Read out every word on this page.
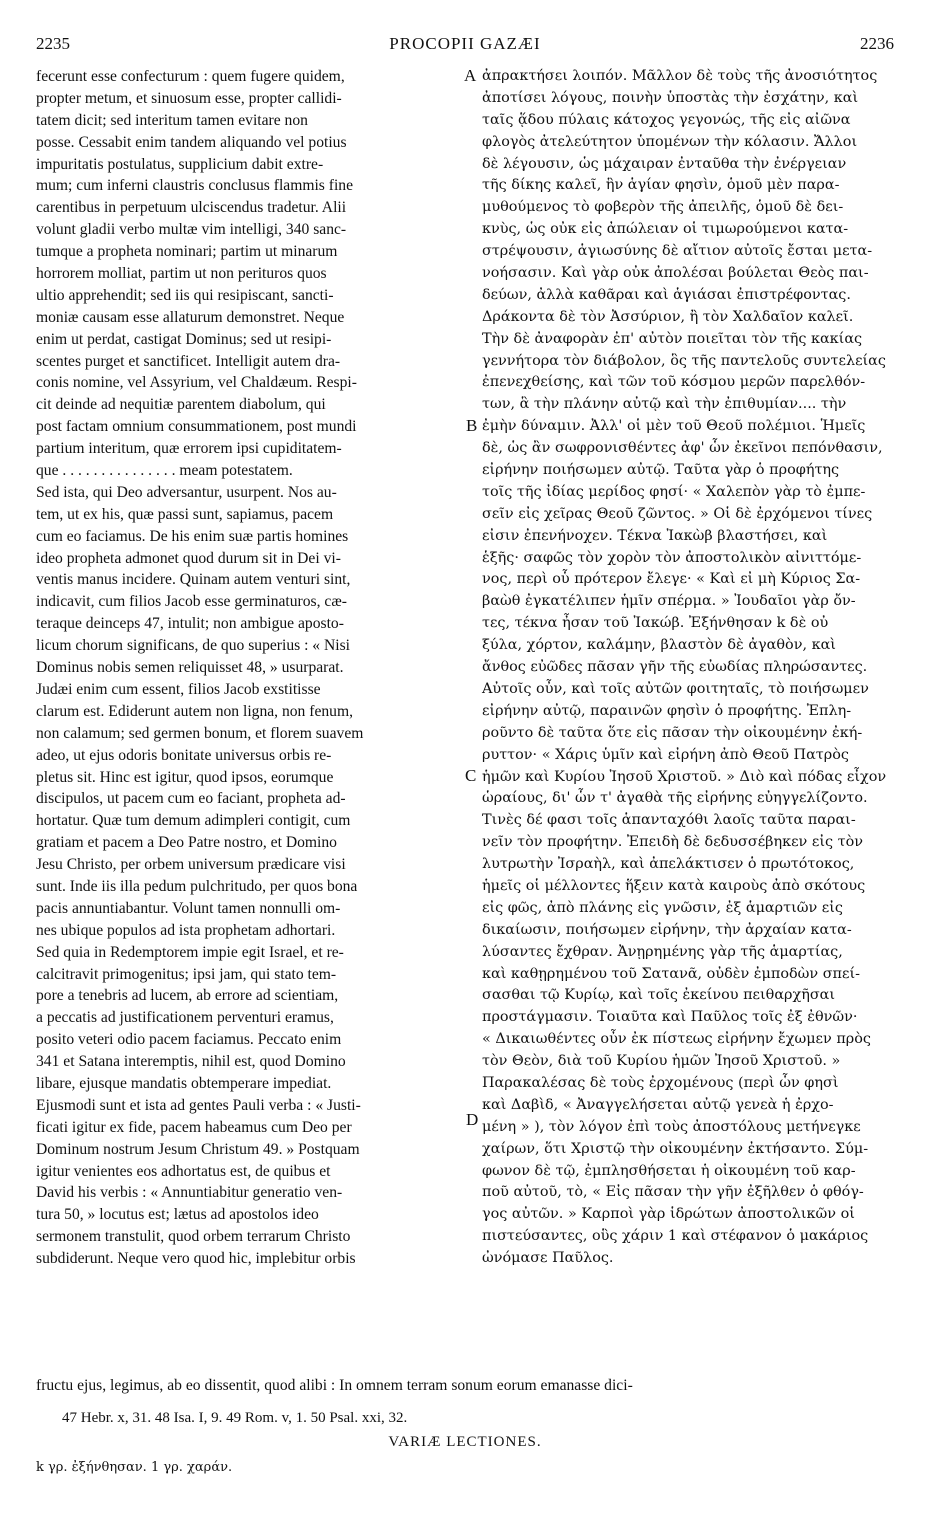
2235	PROCOPII GAZÆI	2236
fecerunt esse confecturum : quem fugere quidem,
propter metum, et sinuosum esse, propter callidi-
tatem dicit; sed interitum tamen evitare non
posse. Cessabit enim tandem aliquando vel potius
impuritatis postulatus, supplicium dabit extre-
mum; cum inferni claustris conclusus flammis fine
carentibus in perpetuum ulciscendus tradetur. Alii
volunt gladii verbo multæ vim intelligi, 340 sanc-
tumque a propheta nominari; partim ut minarum
horrorem molliat, partim ut non perituros quos
ultio apprehendit; sed iis qui resipiscant, sancti-
moniæ causam esse allaturum demonstret. Neque
enim ut perdat, castigat Dominus; sed ut resipi-
scentes purget et sanctificet. Intelligit autem dra-
conis nomine, vel Assyrium, vel Chaldæum. Respi-
cit deinde ad nequitiæ parentem diabolum, qui
post factam omnium consummationem, post mundi
partium interitum, quæ errorem ipsi cupiditatem-
que . . . . . . . . . . . . . . . meam potestatem.
Sed ista, qui Deo adversantur, usurpent. Nos au-
tem, ut ex his, quæ passi sunt, sapiamus, pacem
cum eo faciamus. De his enim suæ partis homines
ideo propheta admonet quod durum sit in Dei vi-
ventis manus incidere. Quinam autem venturi sint,
indicavit, cum filios Jacob esse germinaturos, cæ-
teraque deinceps 47, intulit; non ambigue aposto-
licum chorum significans, de quo superius : « Nisi
Dominus nobis semen reliquisset 48, » usurparat.
Judæi enim cum essent, filios Jacob exstitisse
clarum est. Ediderunt autem non ligna, non fenum,
non calamum; sed germen bonum, et florem suavem
adeo, ut ejus odoris bonitate universus orbis re-
pletus sit. Hinc est igitur, quod ipsos, eorumque
discipulos, ut pacem cum eo faciant, propheta ad-
hortatur. Quæ tum demum adimpleri contigit, cum
gratiam et pacem a Deo Patre nostro, et Domino
Jesu Christo, per orbem universum prædicare visi
sunt. Inde iis illa pedum pulchritudo, per quos bona
pacis annuntiabantur. Volunt tamen nonnulli om-
nes ubique populos ad ista prophetam adhortari.
Sed quia in Redemptorem impie egit Israel, et re-
calcitravit primogenitus; ipsi jam, qui stato tem-
pore a tenebris ad lucem, ab errore ad scientiam,
a peccatis ad justificationem perventuri eramus,
posito veteri odio pacem faciamus. Peccato enim
341 et Satana interemptis, nihil est, quod Domino
libare, ejusque mandatis obtemperare impediat.
Ejusmodi sunt et ista ad gentes Pauli verba : « Justi-
ficati igitur ex fide, pacem habeamus cum Deo per
Dominum nostrum Jesum Christum 49. » Postquam
igitur venientes eos adhortatus est, de quibus et
David his verbis : « Annuntiabitur generatio ven-
tura 50, » locutus est; lætus ad apostolos ideo
sermonem transtulit, quod orbem terrarum Christo
subdiderunt. Neque vero quod hic, implebitur orbis
ἀπρακτήσει λοιπόν. Μᾶλλον δὲ τοὺς τῆς ἀνοσιότητος
ἀποτίσει λόγους, ποινὴν ὑποστὰς τὴν ἐσχάτην, καὶ
ταῖς ᾅδου πύλαις κάτοχος γεγονώς, τῆς εἰς αἰῶνα
φλογὸς ἀτελεύτητον ὑπομένων τὴν κόλασιν. Ἄλλοι
δὲ λέγουσιν, ὡς μάχαιραν ἐνταῦθα τὴν ἐνέργειαν
τῆς δίκης καλεῖ, ἣν ἁγίαν φησὶν, ὁμοῦ μὲν παρα-
μυθούμενος τὸ φοβερὸν τῆς ἀπειλῆς, ὁμοῦ δὲ δει-
κνὺς, ὡς οὐκ εἰς ἀπώλειαν οἱ τιμωρούμενοι κατα-
στρέψουσιν, ἁγιωσύνης δὲ αἴτιον αὐτοῖς ἔσται μετα-
νοήσασιν. Καὶ γὰρ οὐκ ἀπολέσαι βούλεται Θεὸς παι-
δεύων, ἀλλὰ καθᾶραι καὶ ἁγιάσαι ἐπιστρέφοντας.
Δράκοντα δὲ τὸν Ἀσσύριον, ἢ τὸν Χαλδαῖον καλεῖ.
Τὴν δὲ ἀναφορὰν ἐπ' αὐτὸν ποιεῖται τὸν τῆς κακίας
γεννήτορα τὸν διάβολον, ὃς τῆς παντελοῦς συντελείας
ἐπενεχθείσης, καὶ τῶν τοῦ κόσμου μερῶν παρελθόν-
των, ἃ τὴν πλάνην αὐτῷ καὶ τὴν ἐπιθυμίαν.... τὴν
ἐμὴν δύναμιν. Ἀλλ' οἱ μὲν τοῦ Θεοῦ πολέμιοι. Ἡμεῖς
δὲ, ὡς ἂν σωφρονισθέντες ἀφ' ὧν ἐκεῖνοι πεπόνθασιν,
εἰρήνην ποιήσωμεν αὐτῷ. Ταῦτα γὰρ ὁ προφήτης
τοῖς τῆς ἰδίας μερίδος φησί· « Χαλεπὸν γὰρ τὸ ἐμπε-
σεῖν εἰς χεῖρας Θεοῦ ζῶντος. » Οἱ δὲ ἐρχόμενοι τίνες
εἰσιν ἐπενήνοχεν. Τέκνα Ἰακὼβ βλαστήσει, καὶ
ἑξῆς· σαφῶς τὸν χορὸν τὸν ἀποστολικὸν αἰνιττόμε-
νος, περὶ οὗ πρότερον ἔλεγε· « Καὶ εἰ μὴ Κύριος Σα-
βαὼθ ἐγκατέλιπεν ἡμῖν σπέρμα. » Ἰουδαῖοι γὰρ ὄν-
τες, τέκνα ἦσαν τοῦ Ἰακώβ. Ἐξήνθησαν k δὲ οὐ
ξύλα, χόρτον, καλάμην, βλαστὸν δὲ ἀγαθὸν, καὶ
ἄνθος εὐῶδες πᾶσαν γῆν τῆς εὐωδίας πληρώσαντες.
Αὐτοῖς οὖν, καὶ τοῖς αὐτῶν φοιτηταῖς, τὸ ποιήσωμεν
εἰρήνην αὐτῷ, παραινῶν φησὶν ὁ προφήτης. Ἐπλη-
ροῦντο δὲ ταῦτα ὅτε εἰς πᾶσαν τὴν οἰκουμένην ἐκή-
ρυττον· « Χάρις ὑμῖν καὶ εἰρήνη ἀπὸ Θεοῦ Πατρὸς
ἡμῶν καὶ Κυρίου Ἰησοῦ Χριστοῦ. » Διὸ καὶ πόδας εἶχον
ὡραίους, δι' ὧν τ' ἀγαθὰ τῆς εἰρήνης εὐηγγελίζοντο.
Τινὲς δέ φασι τοῖς ἁπανταχόθι λαοῖς ταῦτα παραι-
νεῖν τὸν προφήτην. Ἐπειδὴ δὲ δεδυσσέβηκεν εἰς τὸν
λυτρωτὴν Ἰσραὴλ, καὶ ἀπελάκτισεν ὁ πρωτότοκος,
ἡμεῖς οἱ μέλλοντες ἥξειν κατὰ καιροὺς ἀπὸ σκότους
εἰς φῶς, ἀπὸ πλάνης εἰς γνῶσιν, ἐξ ἁμαρτιῶν εἰς
δικαίωσιν, ποιήσωμεν εἰρήνην, τὴν ἀρχαίαν κατα-
λύσαντες ἔχθραν. Ἀνῃρημένης γὰρ τῆς ἁμαρτίας,
καὶ καθῃρημένου τοῦ Σατανᾶ, οὐδὲν ἐμποδὼν σπεί-
σασθαι τῷ Κυρίῳ, καὶ τοῖς ἐκείνου πειθαρχῆσαι
προστάγμασιν. Τοιαῦτα καὶ Παῦλος τοῖς ἐξ ἐθνῶν·
« Δικαιωθέντες οὖν ἐκ πίστεως εἰρήνην ἔχωμεν πρὸς
τὸν Θεὸν, διὰ τοῦ Κυρίου ἡμῶν Ἰησοῦ Χριστοῦ. »
Παρακαλέσας δὲ τοὺς ἐρχομένους (περὶ ὧν φησὶ
καὶ Δαβὶδ, « Ἀναγγελήσεται αὐτῷ γενεὰ ἡ ἐρχο-
μένη » ), τὸν λόγον ἐπὶ τοὺς ἀποστόλους μετήνεγκε
χαίρων, ὅτι Χριστῷ τὴν οἰκουμένην ἐκτήσαντο. Σύμ-
φωνον δὲ τῷ, ἐμπλησθήσεται ἡ οἰκουμένη τοῦ καρ-
ποῦ αὐτοῦ, τὸ, « Εἰς πᾶσαν τὴν γῆν ἐξῆλθεν ὁ φθόγ-
γος αὐτῶν. » Καρποὶ γὰρ ἱδρώτων ἀποστολικῶν οἱ
πιστεύσαντες, οὓς χάριν 1 καὶ στέφανον ὁ μακάριος
ὠνόμασε Παῦλος.
A
B
C
D
fructu ejus, legimus, ab eo dissentit, quod alibi : In omnem terram sonum eorum emanasse dici-
47 Hebr. x, 31. 48 Isa. I, 9. 49 Rom. v, 1. 50 Psal. xxi, 32.
VARIÆ LECTIONES.
k γρ. ἐξήνθησαν. 1 γρ. χαράν.
